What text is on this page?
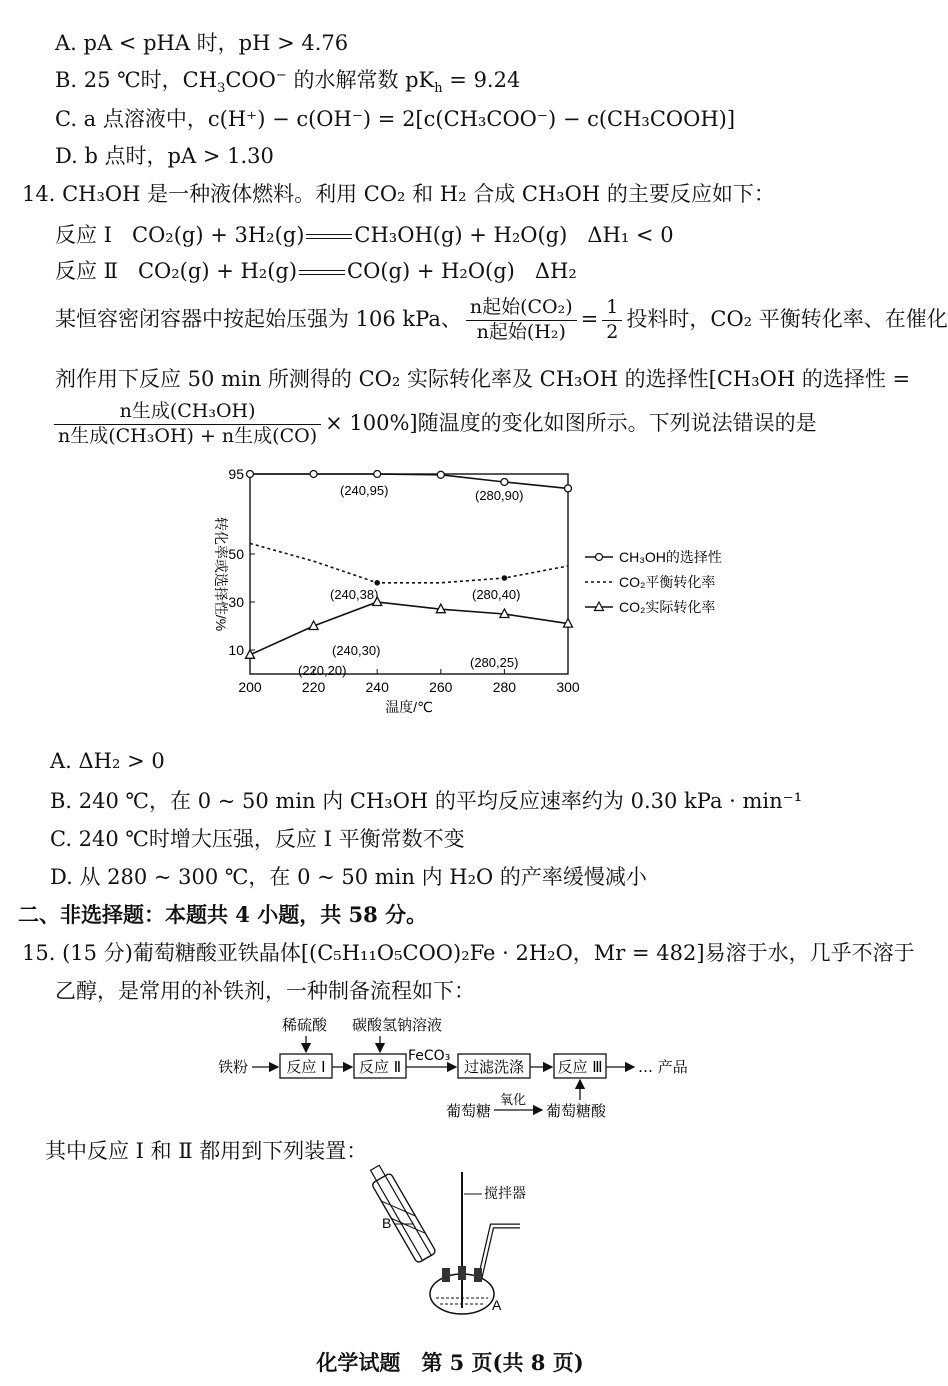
A. pA < pHA 时，pH > 4.76
B. 25 ℃时，$CH_3COO^-$ 的水解常数 $pK_h = 9.24$
C. a 点溶液中，c(H⁺) − c(OH⁻) = 2[c(CH₃COO⁻) − c(CH₃COOH)]
D. b 点时，pA > 1.30
14. CH₃OH 是一种液体燃料。利用 CO₂ 和 H₂ 合成 CH₃OH 的主要反应如下：
反应 Ⅰ CO₂(g) + 3H₂(g) CH₃OH(g) + H₂O(g) ΔH₁ < 0
反应 Ⅱ CO₂(g) + H₂(g) CO(g) + H₂O(g) ΔH₂
某恒容密闭容器中按起始压强为 106 kPa、 $\frac{\text{n起始(CO₂)}}{\text{n起始(H₂)}} = \frac{1}{2}$ 投料时，CO₂ 平衡转化率、在催化
剂作用下反应 50 min 所测得的 CO₂ 实际转化率及 CH₃OH 的选择性[CH₃OH 的选择性 =
$\frac{\text{n生成(CH₃OH)}}{\text{n生成(CH₃OH) + n生成(CO)}} \times 100\%$]随温度的变化如图所示。下列说法错误的是
200	220	240	260	280	300
10
30
50
95
温度/℃
转化率或选择性/%
(240,95)	(280,90)
(240,38)	(280,40)
(240,30)
(220,20)
(280,25)
CH₃OH的选择性
CO₂平衡转化率
CO₂实际转化率
A. ΔH₂ > 0
B. 240 ℃，在 0 ~ 50 min 内 CH₃OH 的平均反应速率约为 0.30 kPa · min⁻¹
C. 240 ℃时增大压强，反应 Ⅰ 平衡常数不变
D. 从 280 ~ 300 ℃，在 0 ~ 50 min 内 H₂O 的产率缓慢减小
二、非选择题：本题共 4 小题，共 58 分。
15. (15 分)葡萄糖酸亚铁晶体[(C₅H₁₁O₅COO)₂Fe · 2H₂O，Mr = 482]易溶于水，几乎不溶于
乙醇，是常用的补铁剂，一种制备流程如下：
铁粉	反应 Ⅰ
稀硫酸
反应 Ⅱ
碳酸氢钠溶液
FeCO₃
过滤洗涤 反应 Ⅲ … 产品
葡萄糖
氧化
葡萄糖酸
其中反应 Ⅰ 和 Ⅱ 都用到下列装置：
B
A
搅拌器
化学试题　第 5 页(共 8 页)
